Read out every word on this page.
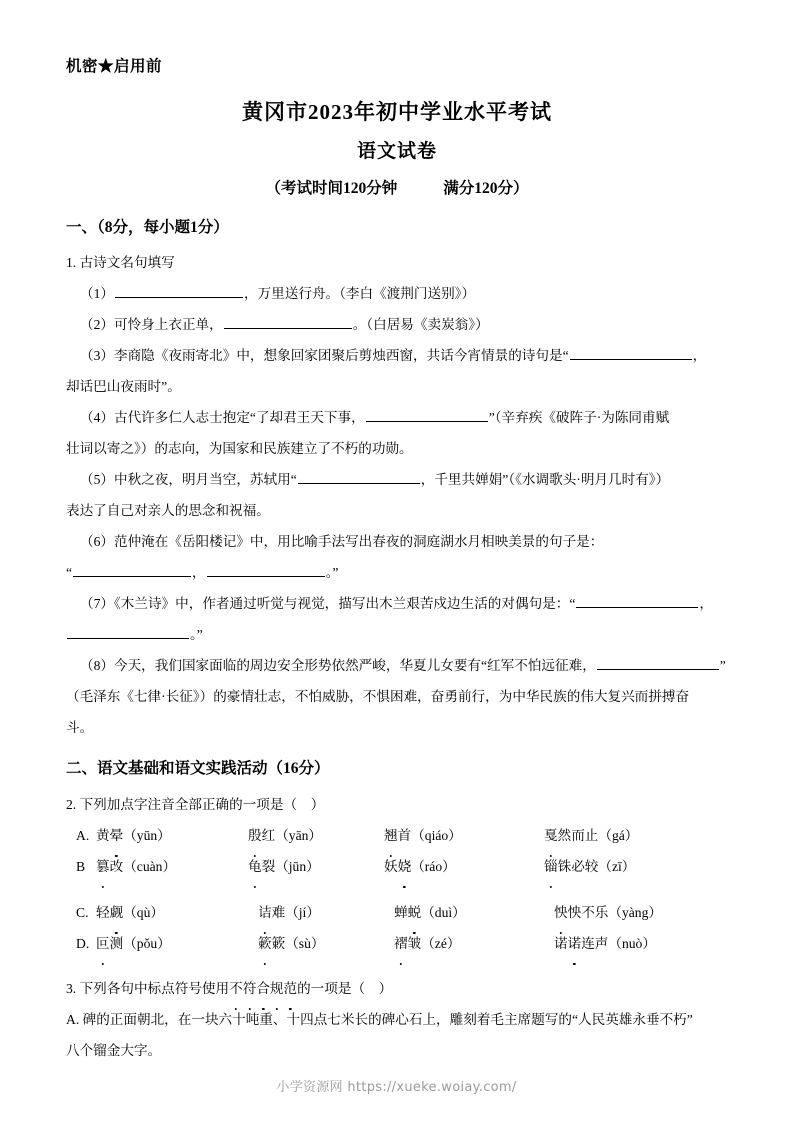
机密★启用前
黄冈市2023年初中学业水平考试
语文试卷
（考试时间120分钟	满分120分）
一、（8分，每小题1分）

1. 古诗文名句填写

（1）	，万里送行舟。（李白《渡荆门送别》）

（2）可怜身上衣正单，	。（白居易《卖炭翁》）

（3）李商隐《夜雨寄北》中，想象回家团聚后剪烛西窗，共话今宵情景的诗句是“	，

却话巴山夜雨时”。

（4）古代许多仁人志士抱定“了却君王天下事，	”（辛弃疾《破阵子·为陈同甫赋

壮词以寄之》）的志向，为国家和民族建立了不朽的功勋。

（5）中秋之夜，明月当空，苏轼用“	，千里共婵娟”（《水调歌头·明月几时有》）

表达了自己对亲人的思念和祝福。

（6）范仲淹在《岳阳楼记》中，用比喻手法写出春夜的洞庭湖水月相映美景的句子是：

“	，	。”

（7）《木兰诗》中，作者通过听觉与视觉，描写出木兰艰苦戍边生活的对偶句是：“	，

。”

（8）今天，我们国家面临的周边安全形势依然严峻，华夏儿女要有“红军不怕远征难，	”

（毛泽东《七律·长征》）的豪情壮志，不怕威胁，不惧困难，奋勇前行，为中华民族的伟大复兴而拼搏奋

斗。

二、语文基础和语文实践活动（16分）

2. 下列加点字注音全部正确的一项是（ ）

A. 黄晕（yūn）	殷红（yān）	翘首（qiáo）	戛然而止（gá）
B 篡改（cuàn）	龟裂（jūn）	妖娆（ráo）	锱铢必较（zī）
C. 轻觑（qù）	诘难（jí）	蝉蜕（duì）	怏怏不乐（yàng）
D. 叵测（pǒu）	簌簌（sù）	褶皱（zé）	诺诺连声（nuò）

3. 下列各句中标点符号使用不符合规范的一项是（ ）

A. 碑的正面朝北，在一块六十吨重、十四点七米长的碑心石上，雕刻着毛主席题写的“人民英雄永垂不朽”

八个镏金大字。

小学资源网 https://xueke.woiay.com/
